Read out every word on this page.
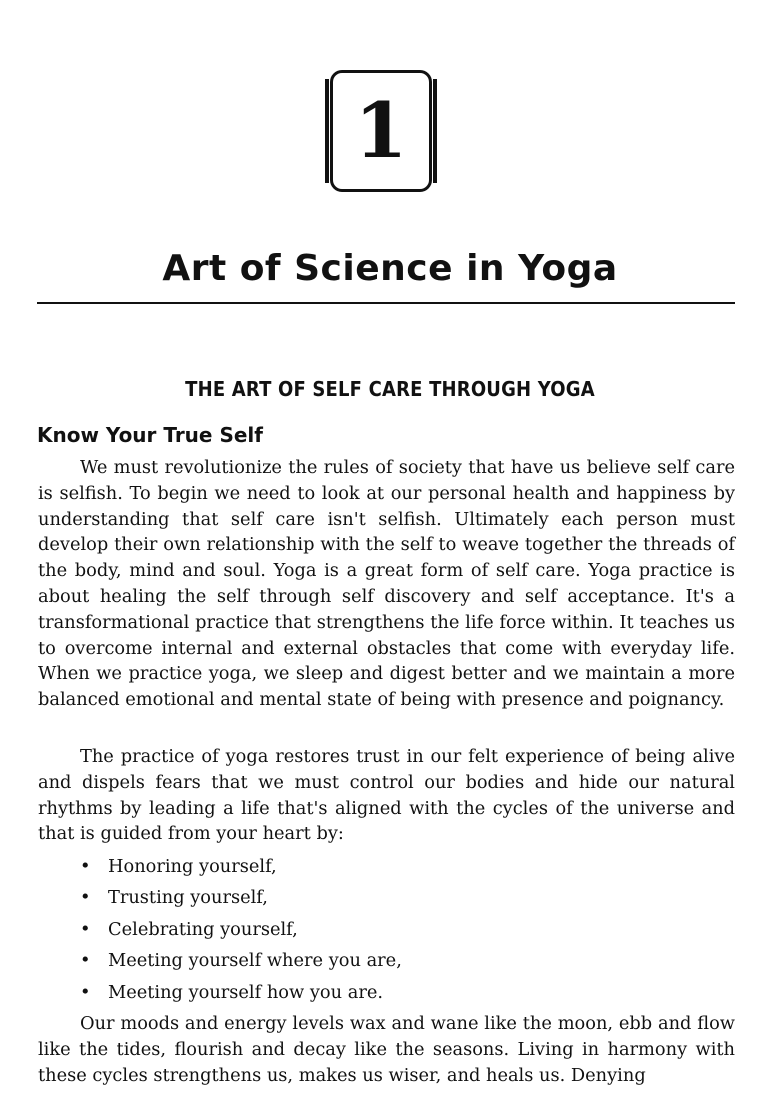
1
Art of Science in Yoga
THE ART OF SELF CARE THROUGH YOGA
Know Your True Self

We must revolutionize the rules of society that have us believe self care is selfish. To begin we need to look at our personal health and happiness by understanding that self care isn't selfish. Ultimately each person must develop their own relationship with the self to weave together the threads of the body, mind and soul. Yoga is a great form of self care. Yoga practice is about healing the self through self discovery and self acceptance. It's a transformational practice that strengthens the life force within. It teaches us to overcome internal and external obstacles that come with everyday life. When we practice yoga, we sleep and digest better and we maintain a more balanced emotional and mental state of being with presence and poignancy.

The practice of yoga restores trust in our felt experience of being alive and dispels fears that we must control our bodies and hide our natural rhythms by leading a life that's aligned with the cycles of the universe and that is guided from your heart by:

• Honoring yourself,
• Trusting yourself,
• Celebrating yourself,
• Meeting yourself where you are,
• Meeting yourself how you are.

Our moods and energy levels wax and wane like the moon, ebb and flow like the tides, flourish and decay like the seasons. Living in harmony with these cycles strengthens us, makes us wiser, and heals us. Denying
